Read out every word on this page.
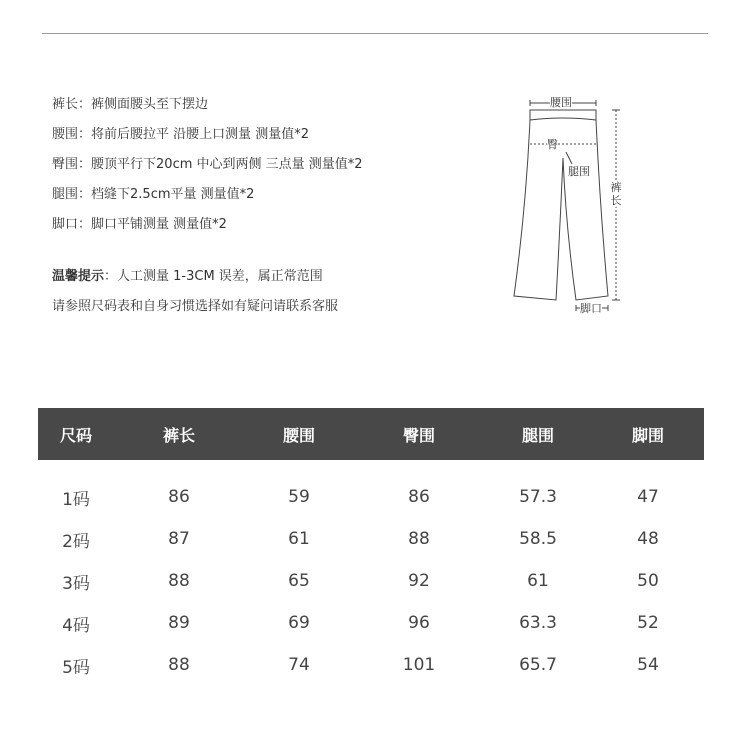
裤长：裤侧面腰头至下摆边
腰围：将前后腰拉平 沿腰上口测量 测量值*2
臀围：腰顶平行下20cm 中心到两侧 三点量 测量值*2
腿围：档缝下2.5cm平量 测量值*2
脚口：脚口平铺测量 测量值*2
温馨提示：人工测量 1-3CM 误差，属正常范围
请参照尺码表和自身习惯选择如有疑问请联系客服
腰围
臀
腿围
裤长
脚口
尺码	裤长	腰围	臀围	腿围	脚围
1码	86	59	86	57.3	47
2码	87	61	88	58.5	48
3码	88	65	92	61	50
4码	89	69	96	63.3	52
5码	88	74	101	65.7	54
